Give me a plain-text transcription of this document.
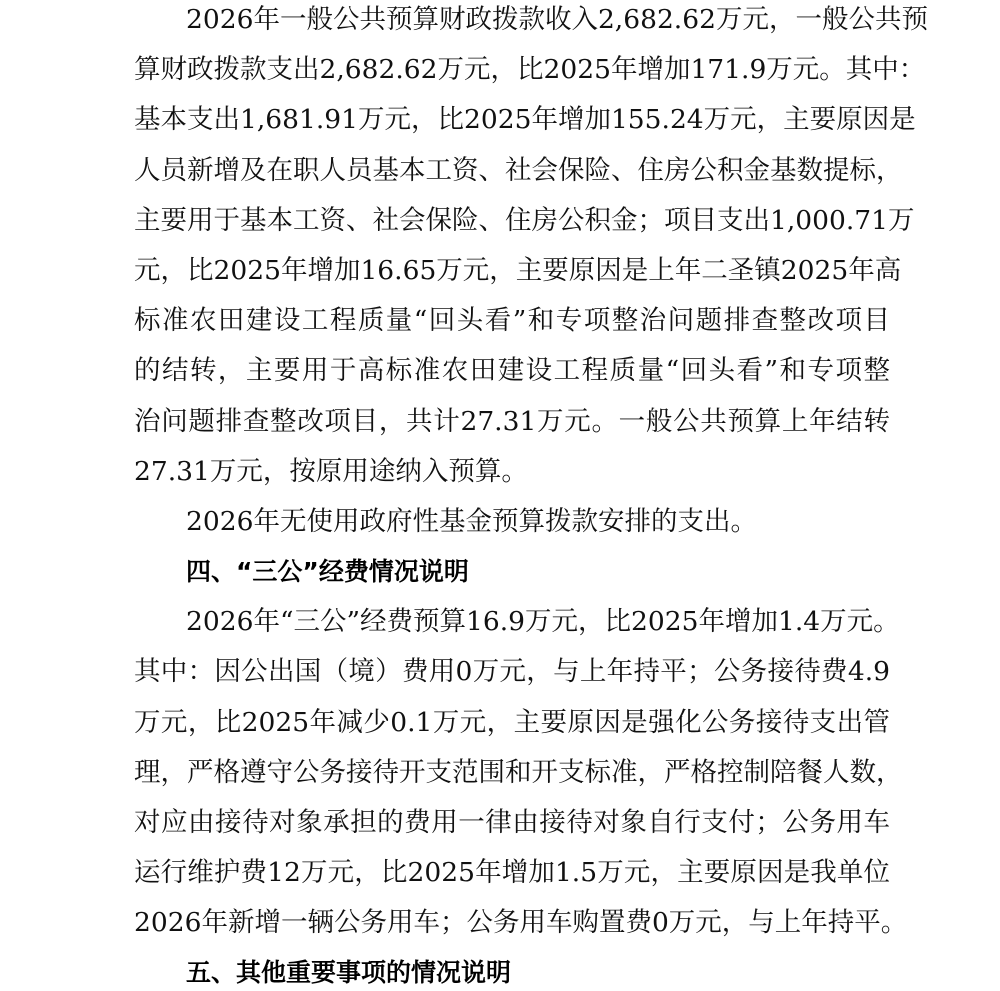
2026年一般公共预算财政拨款收入2,682.62万元，一般公共预
算财政拨款支出2,682.62万元，比2025年增加171.9万元。其中：
基本支出1,681.91万元，比2025年增加155.24万元，主要原因是
人员新增及在职人员基本工资、社会保险、住房公积金基数提标，
主要用于基本工资、社会保险、住房公积金；项目支出1,000.71万
元，比2025年增加16.65万元，主要原因是上年二圣镇2025年高
标准农田建设工程质量“回头看”和专项整治问题排查整改项目
的结转，主要用于高标准农田建设工程质量“回头看”和专项整
治问题排查整改项目，共计27.31万元。一般公共预算上年结转
27.31万元，按原用途纳入预算。
2026年无使用政府性基金预算拨款安排的支出。
四、“三公”经费情况说明
2026年“三公”经费预算16.9万元，比2025年增加1.4万元。
其中：因公出国（境）费用0万元，与上年持平；公务接待费4.9
万元，比2025年减少0.1万元，主要原因是强化公务接待支出管
理，严格遵守公务接待开支范围和开支标准，严格控制陪餐人数，
对应由接待对象承担的费用一律由接待对象自行支付；公务用车
运行维护费12万元，比2025年增加1.5万元，主要原因是我单位
2026年新增一辆公务用车；公务用车购置费0万元，与上年持平。
五、其他重要事项的情况说明
